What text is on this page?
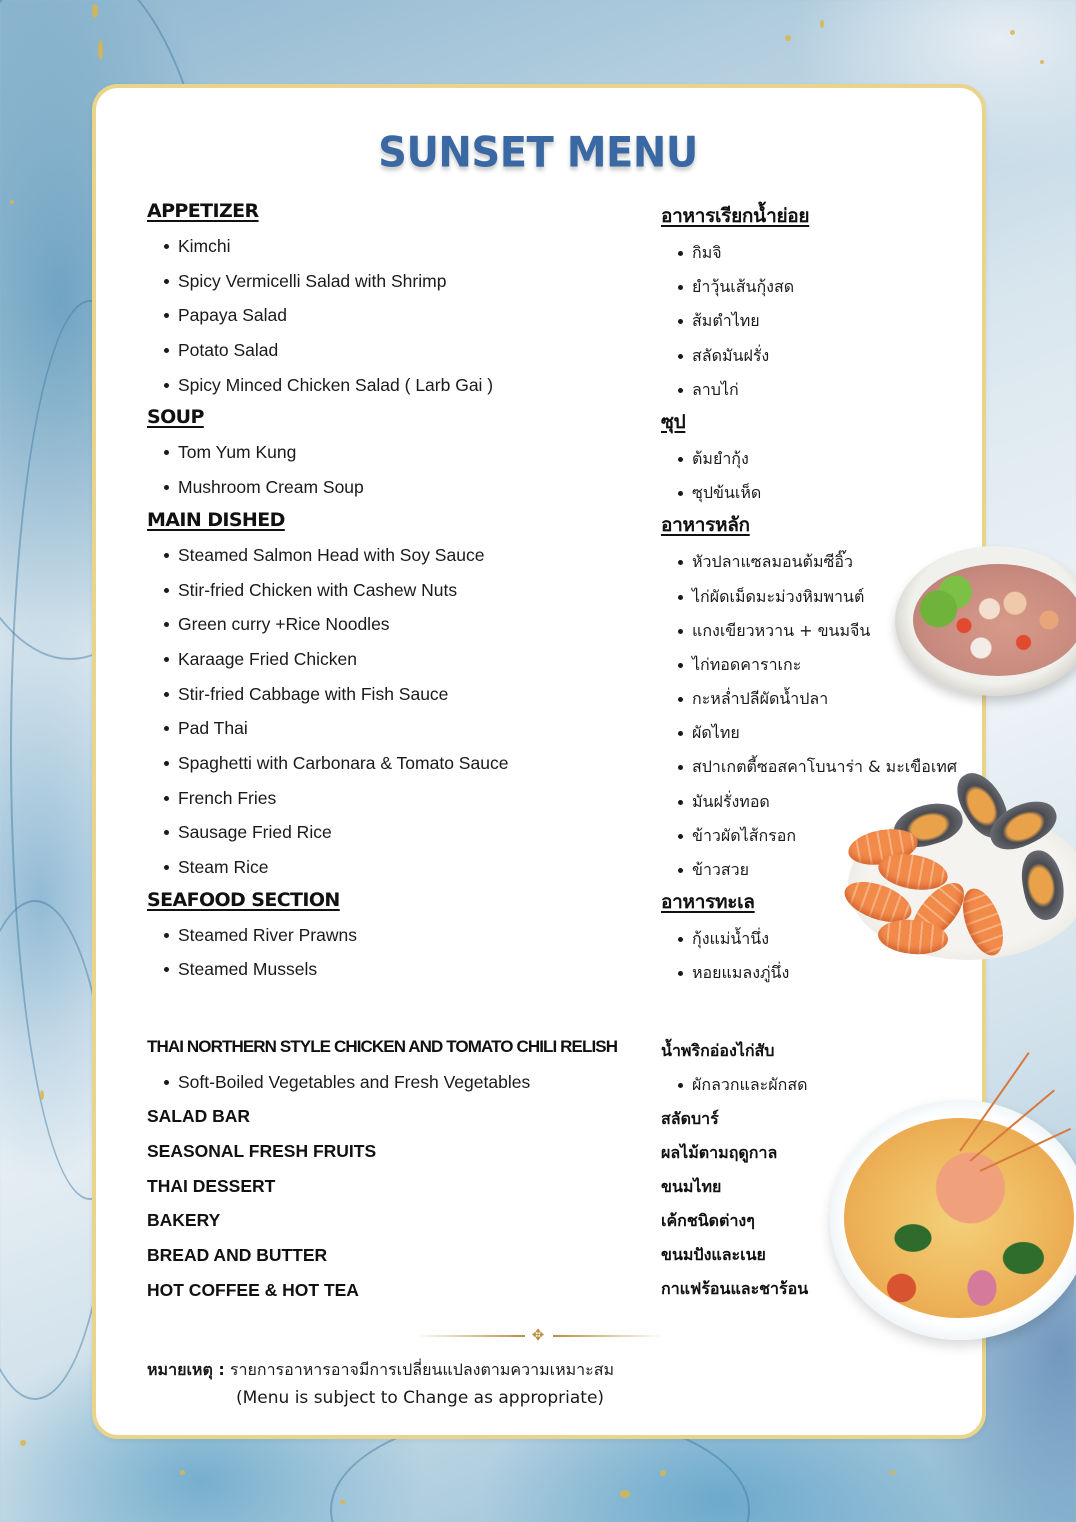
SUNSET MENU
APPETIZER
Kimchi
Spicy Vermicelli Salad with Shrimp
Papaya Salad
Potato Salad
Spicy Minced Chicken Salad ( Larb Gai )
SOUP
Tom Yum Kung
Mushroom Cream Soup
MAIN DISHED
Steamed Salmon Head with Soy Sauce
Stir-fried Chicken with Cashew Nuts
Green curry +Rice Noodles
Karaage Fried Chicken
Stir-fried Cabbage with Fish Sauce
Pad Thai
Spaghetti with Carbonara & Tomato Sauce
French Fries
Sausage Fried Rice
Steam Rice
SEAFOOD SECTION
Steamed River Prawns
Steamed Mussels
อาหารเรียกน้ำย่อย
กิมจิ
ยำวุ้นเส้นกุ้งสด
ส้มตำไทย
สลัดมันฝรั่ง
ลาบไก่
ซุป
ต้มยำกุ้ง
ซุปข้นเห็ด
อาหารหลัก
หัวปลาแซลมอนต้มซีอิ๊ว
ไก่ผัดเม็ดมะม่วงหิมพานต์
แกงเขียวหวาน + ขนมจีน
ไก่ทอดคาราเกะ
กะหล่ำปลีผัดน้ำปลา
ผัดไทย
สปาเกตตี้ซอสคาโบนาร่า & มะเขือเทศ
มันฝรั่งทอด
ข้าวผัดไส้กรอก
ข้าวสวย
อาหารทะเล
กุ้งแม่น้ำนึ่ง
หอยแมลงภู่นึ่ง
THAI NORTHERN STYLE CHICKEN AND TOMATO CHILI RELISH
Soft-Boiled Vegetables and Fresh Vegetables
SALAD BAR
SEASONAL FRESH FRUITS
THAI DESSERT
BAKERY
BREAD AND BUTTER
HOT COFFEE & HOT TEA
น้ำพริกอ่องไก่สับ
ผักลวกและผักสด
สลัดบาร์
ผลไม้ตามฤดูกาล
ขนมไทย
เค้กชนิดต่างๆ
ขนมปังและเนย
กาแฟร้อนและชาร้อน
✥
หมายเหตุ : รายการอาหารอาจมีการเปลี่ยนแปลงตามความเหมาะสม
(Menu is subject to Change as appropriate)
